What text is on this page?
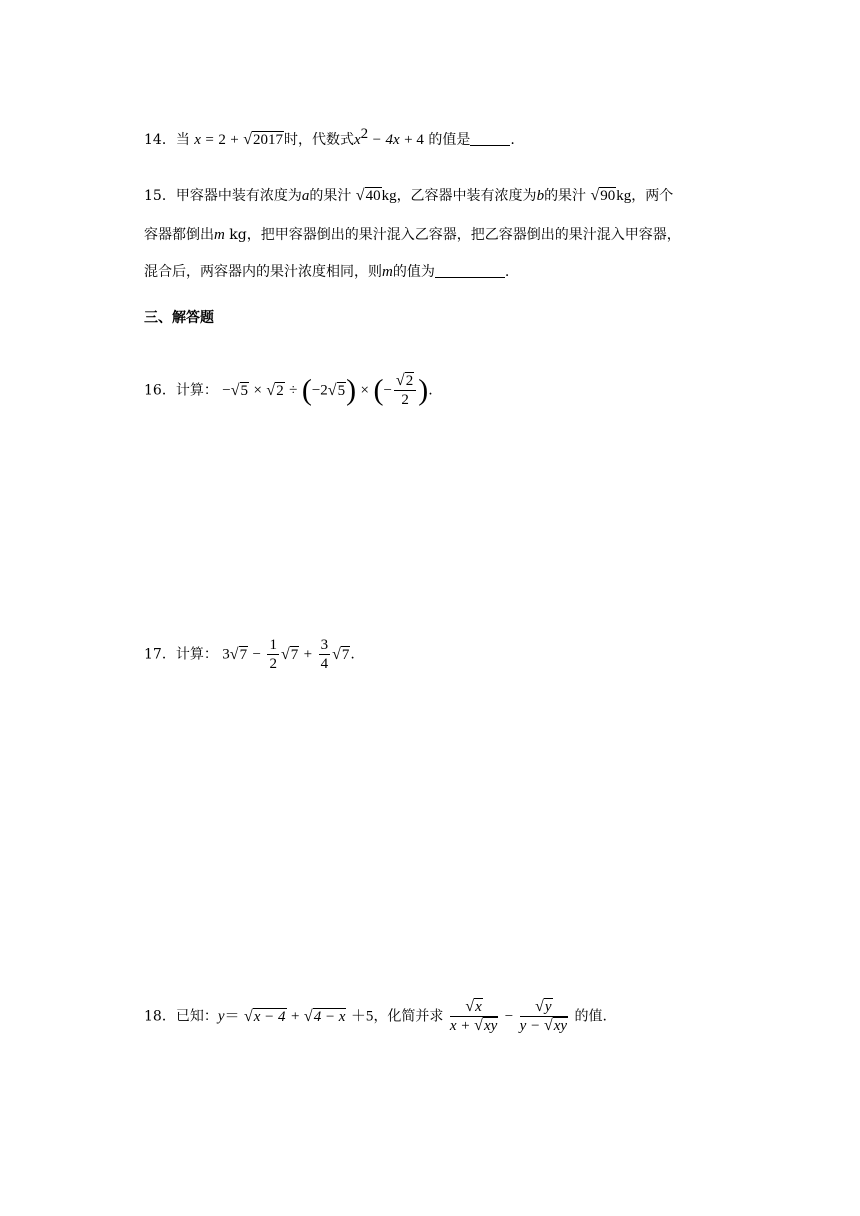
14．当 x = 2 + √2017时，代数式$x^2 - 4x + 4$ 的值是	.
15．甲容器中装有浓度为a的果汁 √40kg，乙容器中装有浓度为b的果汁 √90kg，两个
容器都倒出m kg，把甲容器倒出的果汁混入乙容器，把乙容器倒出的果汁混入甲容器，
混合后，两容器内的果汁浓度相同，则m的值为	.
三、解答题
16．计算： −√5 × √2 ÷ (−2√5) × (− $\frac{√2}{2}$ ).
17．计算： $3√7 - \frac{1}{2} √7 + \frac{3}{4} √7$.
18．已知：y＝ √x − 4 + √4 − x ＋5，化简并求 $\frac{√x}{x + √xy} - \frac{√y}{y - √xy}$ 的值.
